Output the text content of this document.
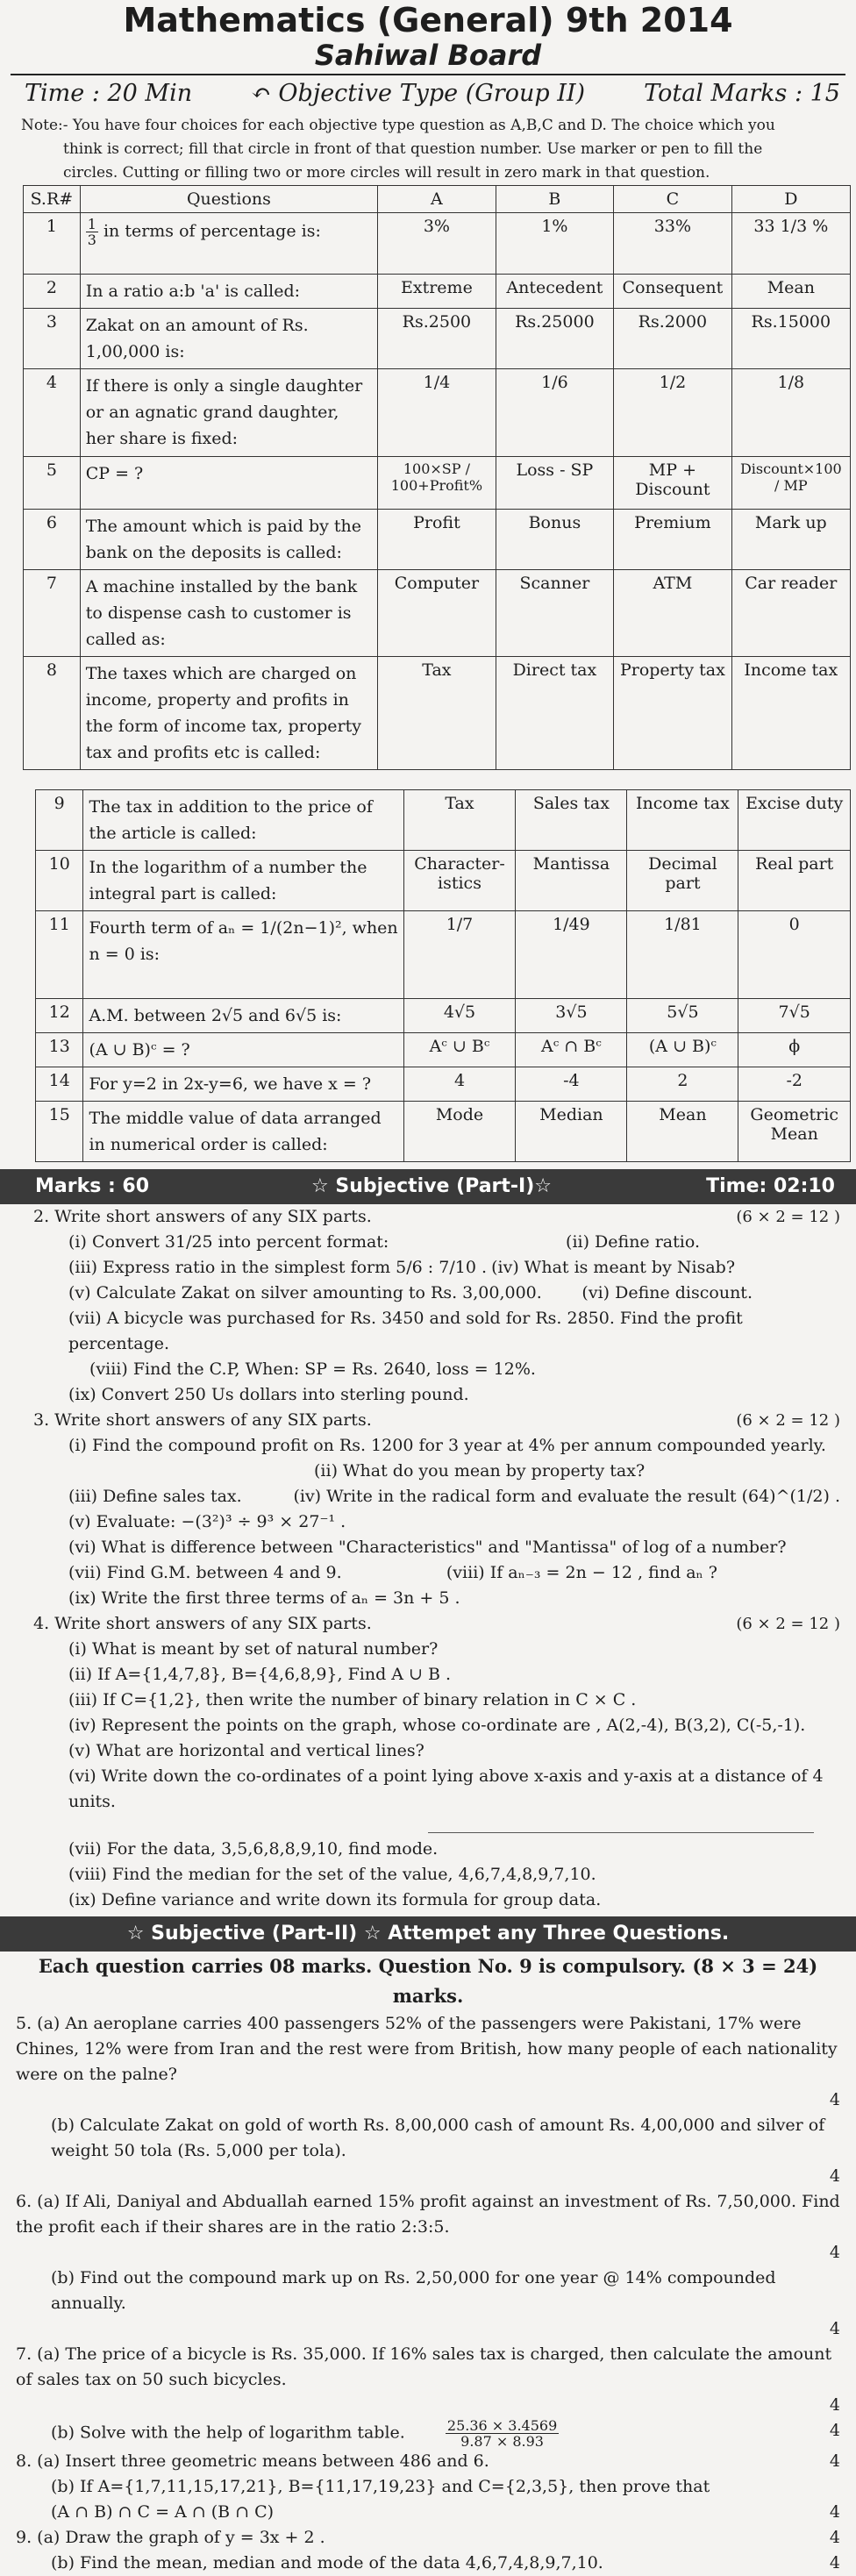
Mathematics (General) 9th 2014
Sahiwal Board
Time : 20 Min ↶ Objective Type (Group II) Total Marks : 15
Note:- You have four choices for each objective type question as A,B,C and D. The choice which you
think is correct; fill that circle in front of that question number. Use marker or pen to fill the
circles. Cutting or filling two or more circles will result in zero mark in that question.
S.R#	Questions	A	B	C	D
1	$\frac{1}{3}$ in terms of percentage is:	3%	1%	33%	33 1/3 %
2	In a ratio a:b 'a' is called:	Extreme	Antecedent	Consequent	Mean
3	Zakat on an amount of Rs. 1,00,000 is:	Rs.2500	Rs.25000	Rs.2000	Rs.15000
4	If there is only a single daughter or an agnatic grand daughter, her share is fixed:	1/4	1/6	1/2	1/8
5	CP = ?	100×SP / 100+Profit%	Loss - SP	MP + Discount	Discount×100 / MP
6	The amount which is paid by the bank on the deposits is called:	Profit	Bonus	Premium	Mark up
7	A machine installed by the bank to dispense cash to customer is called as:	Computer	Scanner	ATM	Car reader
8	The taxes which are charged on income, property and profits in the form of income tax, property tax and profits etc is called:	Tax	Direct tax	Property tax	Income tax
9	The tax in addition to the price of the article is called:	Tax	Sales tax	Income tax	Excise duty
10	In the logarithm of a number the integral part is called:	Character-istics	Mantissa	Decimal part	Real part
11	Fourth term of aₙ = 1/(2n−1)², when n = 0 is:	1/7	1/49	1/81	0
12	A.M. between 2√5 and 6√5 is:	4√5	3√5	5√5	7√5
13	(A ∪ B)ᶜ = ?	Aᶜ ∪ Bᶜ	Aᶜ ∩ Bᶜ	(A ∪ B)ᶜ	ϕ
14	For y=2 in 2x-y=6, we have x = ?	4	-4	2	-2
15	The middle value of data arranged in numerical order is called:	Mode	Median	Mean	Geometric Mean
Marks : 60	☆ Subjective (Part-I)☆	Time: 02:10
2. Write short answers of any SIX parts.	(6 × 2 = 12 )
(i) Convert 31/25 into percent format:	(ii) Define ratio.
(iii) Express ratio in the simplest form 5/6 : 7/10 . (iv) What is meant by Nisab?
(v) Calculate Zakat on silver amounting to Rs. 3,00,000. (vi) Define discount.
(vii) A bicycle was purchased for Rs. 3450 and sold for Rs. 2850. Find the profit percentage.
(viii) Find the C.P, When: SP = Rs. 2640, loss = 12%.
(ix) Convert 250 Us dollars into sterling pound.
3. Write short answers of any SIX parts.	(6 × 2 = 12 )
(i) Find the compound profit on Rs. 1200 for 3 year at 4% per annum compounded yearly.
(ii) What do you mean by property tax?
(iii) Define sales tax.	(iv) Write in the radical form and evaluate the result (64)^(1/2) .
(v) Evaluate: −(3²)³ ÷ 9³ × 27⁻¹ .
(vi) What is difference between "Characteristics" and "Mantissa" of log of a number?
(vii) Find G.M. between 4 and 9.	(viii) If aₙ₋₃ = 2n − 12 , find aₙ ?
(ix) Write the first three terms of aₙ = 3n + 5 .
4. Write short answers of any SIX parts.	(6 × 2 = 12 )
(i) What is meant by set of natural number?
(ii) If A={1,4,7,8}, B={4,6,8,9}, Find A ∪ B .
(iii) If C={1,2}, then write the number of binary relation in C × C .
(iv) Represent the points on the graph, whose co-ordinate are , A(2,-4), B(3,2), C(-5,-1).
(v) What are horizontal and vertical lines?
(vi) Write down the co-ordinates of a point lying above x-axis and y-axis at a distance of 4 units.
(vii) For the data, 3,5,6,8,8,9,10, find mode.
(viii) Find the median for the set of the value, 4,6,7,4,8,9,7,10.
(ix) Define variance and write down its formula for group data.
☆ Subjective (Part-II) ☆ Attempet any Three Questions.
Each question carries 08 marks. Question No. 9 is compulsory. (8 × 3 = 24) marks.
5. (a) An aeroplane carries 400 passengers 52% of the passengers were Pakistani, 17% were Chines, 12% were from Iran and the rest were from British, how many people of each nationality were on the palne?
4
(b) Calculate Zakat on gold of worth Rs. 8,00,000 cash of amount Rs. 4,00,000 and silver of weight 50 tola (Rs. 5,000 per tola).
4
6. (a) If Ali, Daniyal and Abduallah earned 15% profit against an investment of Rs. 7,50,000. Find the profit each if their shares are in the ratio 2:3:5.
4
(b) Find out the compound mark up on Rs. 2,50,000 for one year @ 14% compounded annually.
4
7. (a) The price of a bicycle is Rs. 35,000. If 16% sales tax is charged, then calculate the amount of sales tax on 50 such bicycles.
4
(b) Solve with the help of logarithm table.	$\frac{25.36 \times 3.4569}{9.87 \times 8.93}$	4
8. (a) Insert three geometric means between 486 and 6.	4
(b) If A={1,7,11,15,17,21}, B={11,17,19,23} and C={2,3,5}, then prove that
(A ∩ B) ∩ C = A ∩ (B ∩ C)	4
9. (a) Draw the graph of y = 3x + 2 .	4
(b) Find the mean, median and mode of the data 4,6,7,4,8,9,7,10.	4
